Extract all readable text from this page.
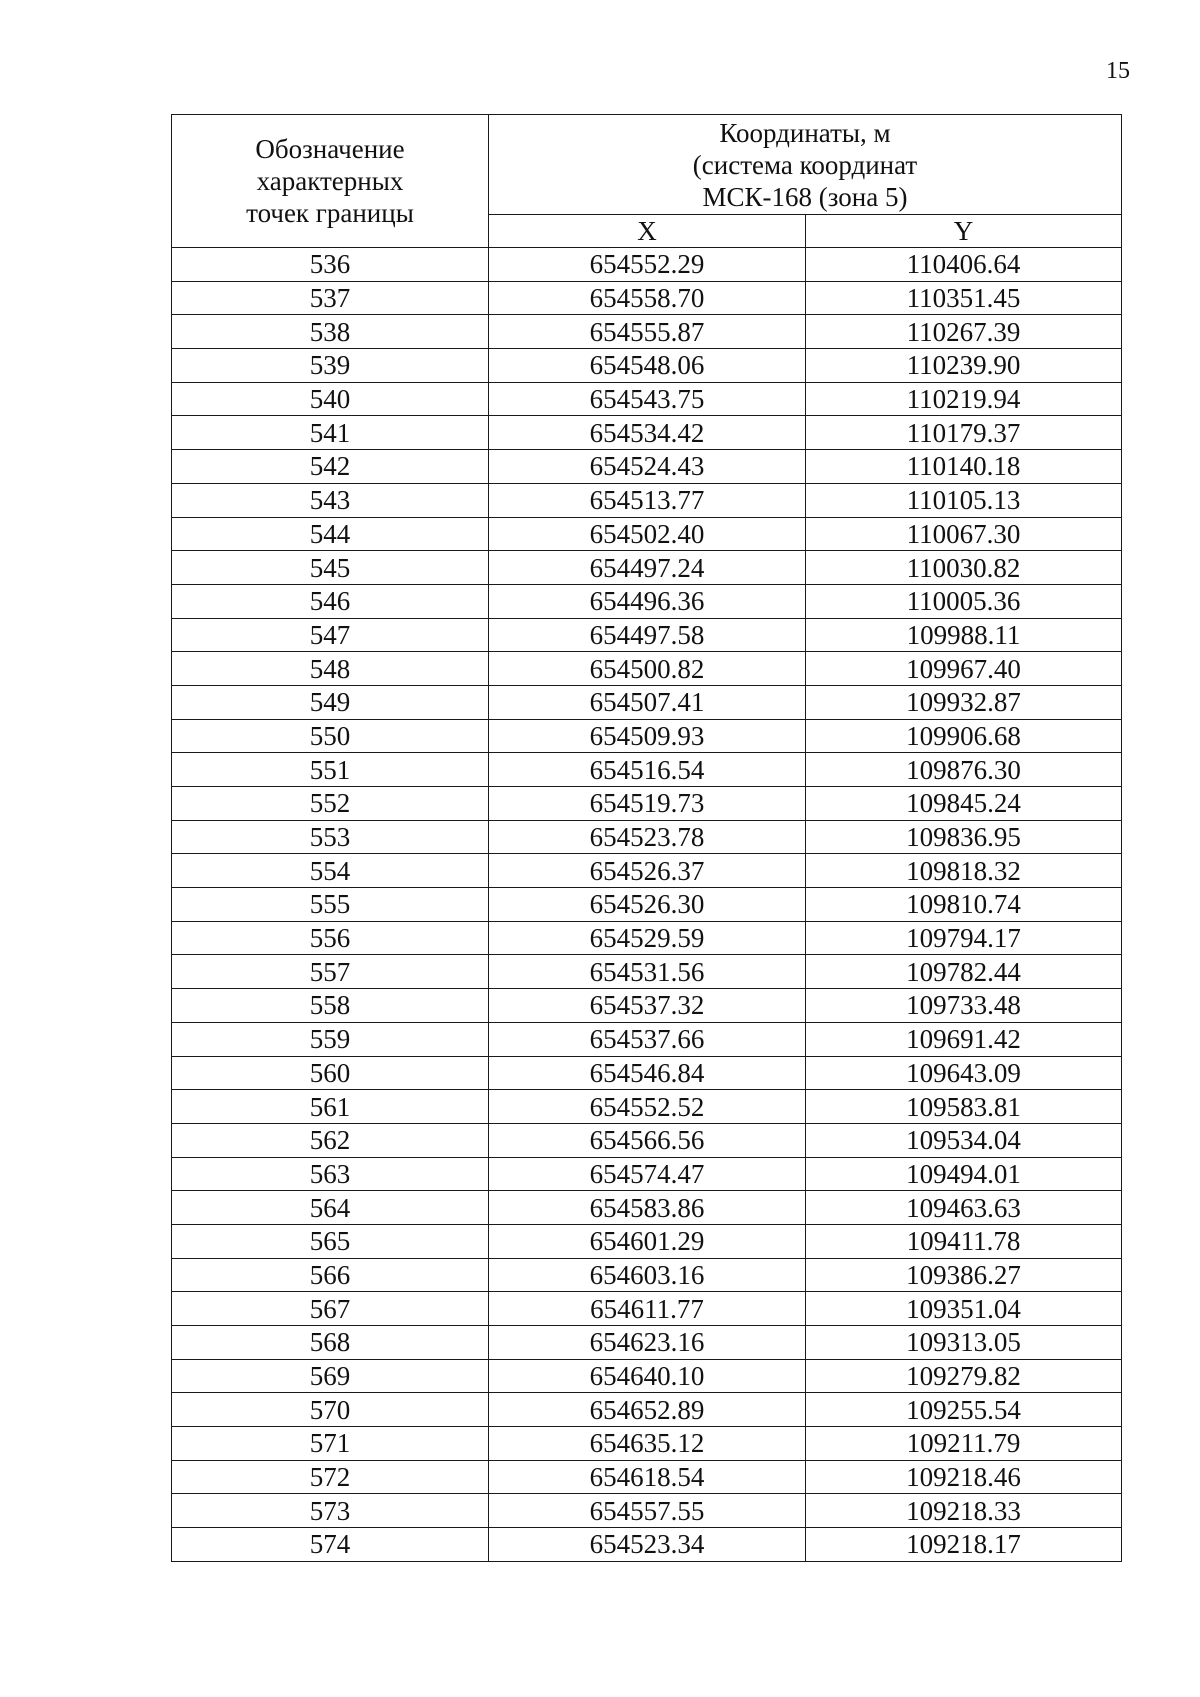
15
Обозначение
характерных
точек границы	Координаты, м
(система координат
МСК-168 (зона 5)	

	X	Y
536	654552.29	110406.64
537	654558.70	110351.45
538	654555.87	110267.39
539	654548.06	110239.90
540	654543.75	110219.94
541	654534.42	110179.37
542	654524.43	110140.18
543	654513.77	110105.13
544	654502.40	110067.30
545	654497.24	110030.82
546	654496.36	110005.36
547	654497.58	109988.11
548	654500.82	109967.40
549	654507.41	109932.87
550	654509.93	109906.68
551	654516.54	109876.30
552	654519.73	109845.24
553	654523.78	109836.95
554	654526.37	109818.32
555	654526.30	109810.74
556	654529.59	109794.17
557	654531.56	109782.44
558	654537.32	109733.48
559	654537.66	109691.42
560	654546.84	109643.09
561	654552.52	109583.81
562	654566.56	109534.04
563	654574.47	109494.01
564	654583.86	109463.63
565	654601.29	109411.78
566	654603.16	109386.27
567	654611.77	109351.04
568	654623.16	109313.05
569	654640.10	109279.82
570	654652.89	109255.54
571	654635.12	109211.79
572	654618.54	109218.46
573	654557.55	109218.33
574	654523.34	109218.17
